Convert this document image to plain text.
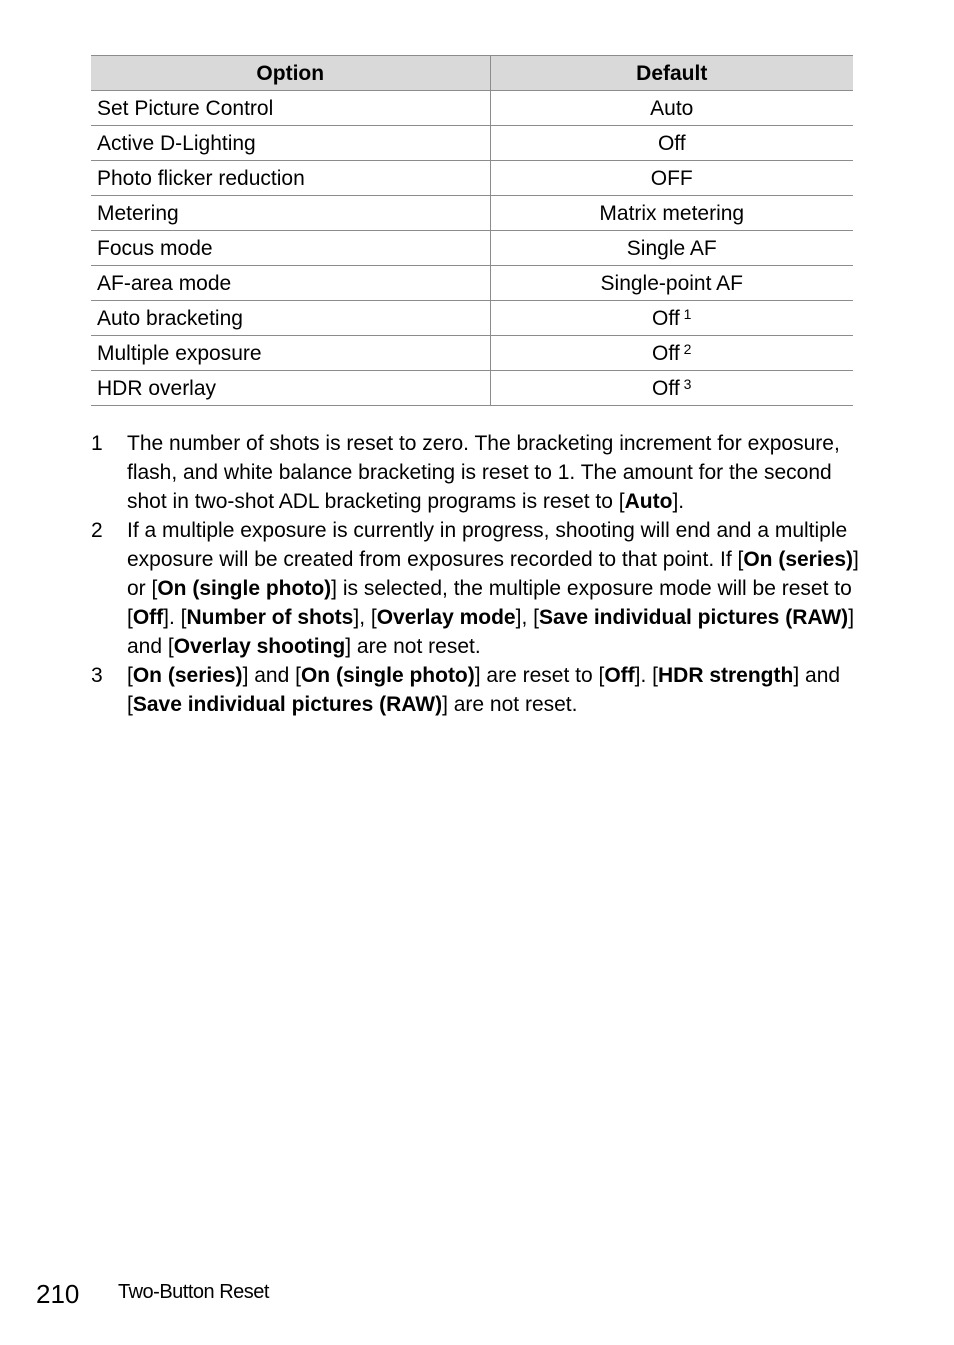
Option	Default
Set Picture Control	Auto
Active D-Lighting	Off
Photo flicker reduction	OFF
Metering	Matrix metering
Focus mode	Single AF
AF-area mode	Single-point AF
Auto bracketing	Off $^1$
Multiple exposure	Off $^2$
HDR overlay	Off $^3$
1	The number of shots is reset to zero. The bracketing increment for exposure, flash, and white balance bracketing is reset to 1. The amount for the second shot in two-shot ADL bracketing programs is reset to [Auto].
2	If a multiple exposure is currently in progress, shooting will end and a multiple exposure will be created from exposures recorded to that point. If [On (series)] or [On (single photo)] is selected, the multiple exposure mode will be reset to [Off]. [Number of shots], [Overlay mode], [Save individual pictures (RAW)] and [Overlay shooting] are not reset.
3	[On (series)] and [On (single photo)] are reset to [Off]. [HDR strength] and [Save individual pictures (RAW)] are not reset.
210 Two-Button Reset
